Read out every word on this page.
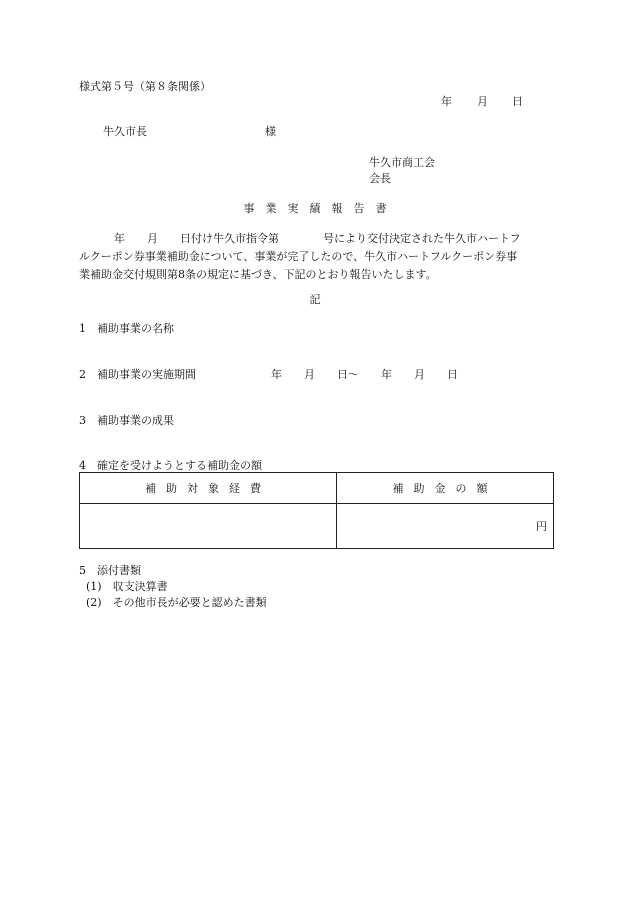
様式第５号（第８条関係）
年 月 日
牛久市長	様
牛久市商工会
会長
事　業　実　績　報　告　書
年　　月　　日付け牛久市指令第　　　　号により交付決定された牛久市ハートフ
ルクーポン券事業補助金について、事業が完了したので、牛久市ハートフルクーポン券事
業補助金交付規則第8条の規定に基づき、下記のとおり報告いたします。
記
1　補助事業の名称
2　補助事業の実施期間	年　　月　　日～　　年　　月　　日
3　補助事業の成果
4　確定を受けようとする補助金の額
補助対象経費	補助金の額
	円
5　添付書類
(1)　収支決算書
(2)　その他市長が必要と認めた書類
